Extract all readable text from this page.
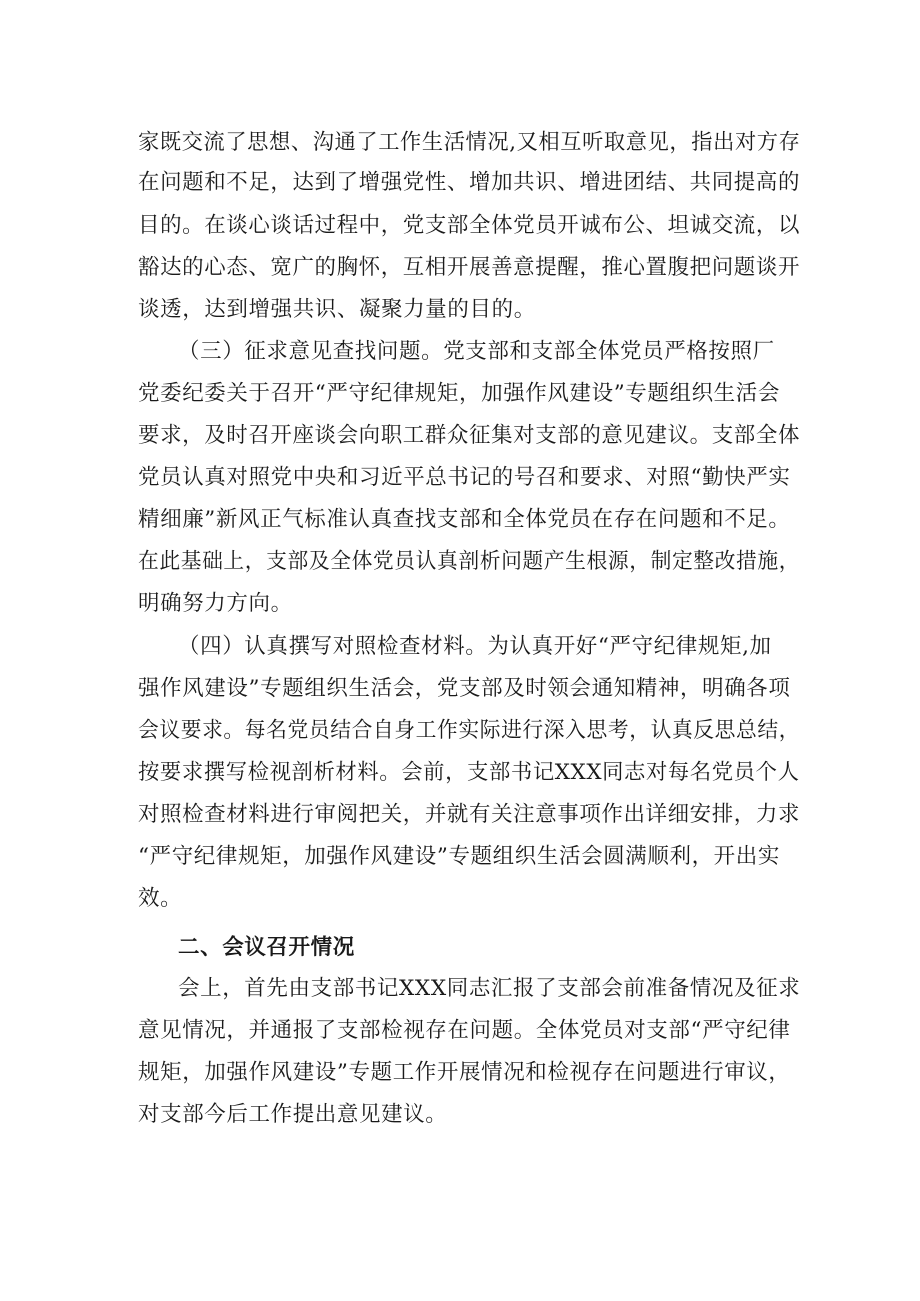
家既交流了思想、沟通了工作生活情况,又相互听取意见，指出对方存
在问题和不足，达到了增强党性、增加共识、增进团结、共同提高的
目的。在谈心谈话过程中，党支部全体党员开诚布公、坦诚交流，以
豁达的心态、宽广的胸怀，互相开展善意提醒，推心置腹把问题谈开
谈透，达到增强共识、凝聚力量的目的。
（三）征求意见查找问题。党支部和支部全体党员严格按照厂
党委纪委关于召开“严守纪律规矩，加强作风建设”专题组织生活会
要求，及时召开座谈会向职工群众征集对支部的意见建议。支部全体
党员认真对照党中央和习近平总书记的号召和要求、对照“勤快严实
精细廉”新风正气标准认真查找支部和全体党员在存在问题和不足。
在此基础上，支部及全体党员认真剖析问题产生根源，制定整改措施，
明确努力方向。
（四）认真撰写对照检查材料。为认真开好“严守纪律规矩,加
强作风建设”专题组织生活会，党支部及时领会通知精神，明确各项
会议要求。每名党员结合自身工作实际进行深入思考，认真反思总结，
按要求撰写检视剖析材料。会前，支部书记XXX同志对每名党员个人
对照检查材料进行审阅把关，并就有关注意事项作出详细安排，力求
“严守纪律规矩，加强作风建设”专题组织生活会圆满顺利，开出实
效。
二、会议召开情况
会上，首先由支部书记XXX同志汇报了支部会前准备情况及征求
意见情况，并通报了支部检视存在问题。全体党员对支部“严守纪律
规矩，加强作风建设”专题工作开展情况和检视存在问题进行审议，
对支部今后工作提出意见建议。
